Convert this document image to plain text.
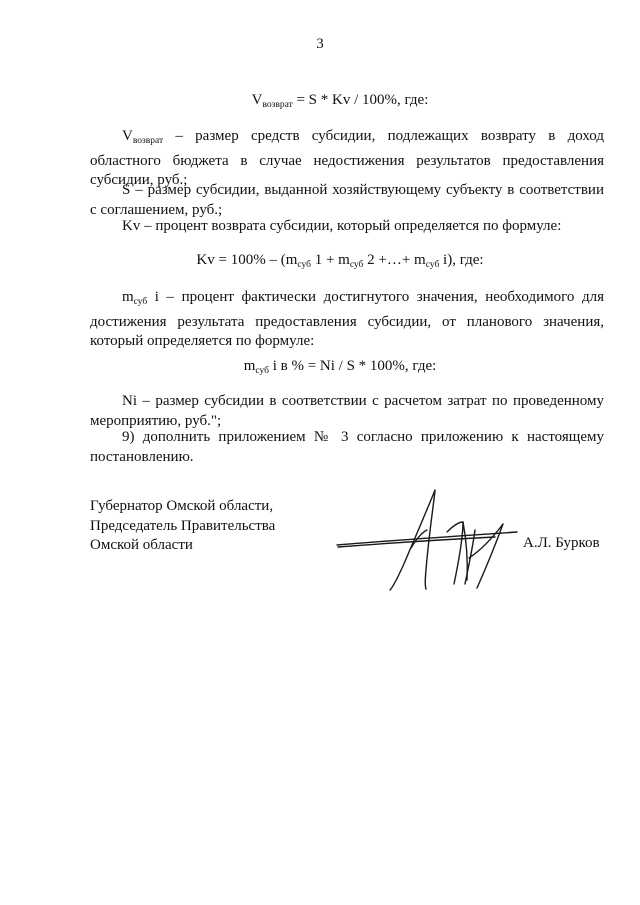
3
$V_{возврат} = S * Kv / 100\%$, где:
$V_{возврат}$ – размер средств субсидии, подлежащих возврату в доход областного бюджета в случае недостижения результатов предоставления субсидии, руб.;
S – размер субсидии, выданной хозяйствующему субъекту в соответствии с соглашением, руб.;
Kv – процент возврата субсидии, который определяется по формуле:
$Kv = 100\% - (m_{суб}$ $1 + m_{суб}$ 2 +…+ $m_{суб}$ i), где:
$m_{суб}$ i – процент фактически достигнутого значения, необходимого для достижения результата предоставления субсидии, от планового значения, который определяется по формуле:
$m_{суб}$ i в % = Ni / S * 100%, где:
Ni – размер субсидии в соответствии с расчетом затрат по проведенному мероприятию, руб.";
9) дополнить приложением № 3 согласно приложению к настоящему постановлению.
Губернатор Омской области,
Председатель Правительства
Омской области	А.Л. Бурков
